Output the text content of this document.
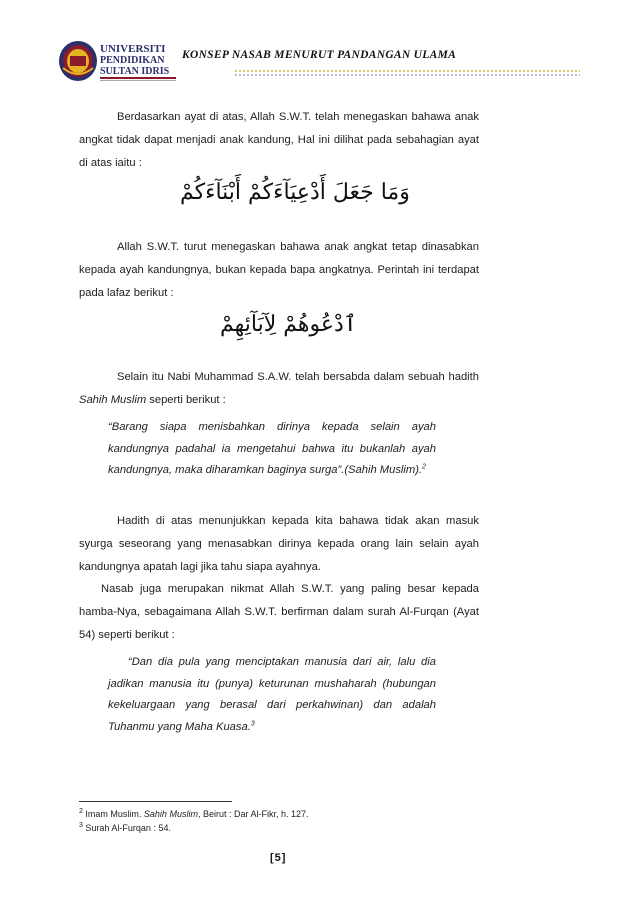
UNIVERSITI
PENDIDIKAN
SULTAN IDRIS
KONSEP NASAB MENURUT PANDANGAN ULAMA

Berdasarkan ayat di atas, Allah S.W.T. telah menegaskan bahawa anak angkat tidak dapat menjadi anak kandung, Hal ini dilihat pada sebahagian ayat di atas iaitu :

وَمَا جَعَلَ أَدْعِيَآءَكُمْ أَبْنَآءَكُمْ

Allah S.W.T. turut menegaskan bahawa anak angkat tetap dinasabkan kepada ayah kandungnya, bukan kepada bapa angkatnya. Perintah ini terdapat pada lafaz berikut :

ٱدْعُوهُمْ لِآبَآئِهِمْ

Selain itu Nabi Muhammad S.A.W. telah bersabda dalam sebuah hadith Sahih Muslim seperti berikut :

“Barang siapa menisbahkan dirinya kepada selain ayah kandungnya padahal ia mengetahui bahwa itu bukanlah ayah kandungnya, maka diharamkan baginya surga”.(Sahih Muslim).$^2$

Hadith di atas menunjukkan kepada kita bahawa tidak akan masuk syurga seseorang yang menasabkan dirinya kepada orang lain selain ayah kandungnya apatah lagi jika tahu siapa ayahnya.

Nasab juga merupakan nikmat Allah S.W.T. yang paling besar kepada hamba-Nya, sebagaimana Allah S.W.T. berfirman dalam surah Al-Furqan (Ayat 54) seperti berikut :

“Dan dia pula yang menciptakan manusia dari air, lalu dia jadikan manusia itu (punya) keturunan mushaharah (hubungan kekeluargaan yang berasal dari perkahwinan) dan adalah Tuhanmu yang Maha Kuasa.$^3$

$^2$ Imam Muslim. Sahih Muslim, Beirut : Dar Al-Fikr, h. 127.
$^3$ Surah Al-Furqan : 54.
[5]
